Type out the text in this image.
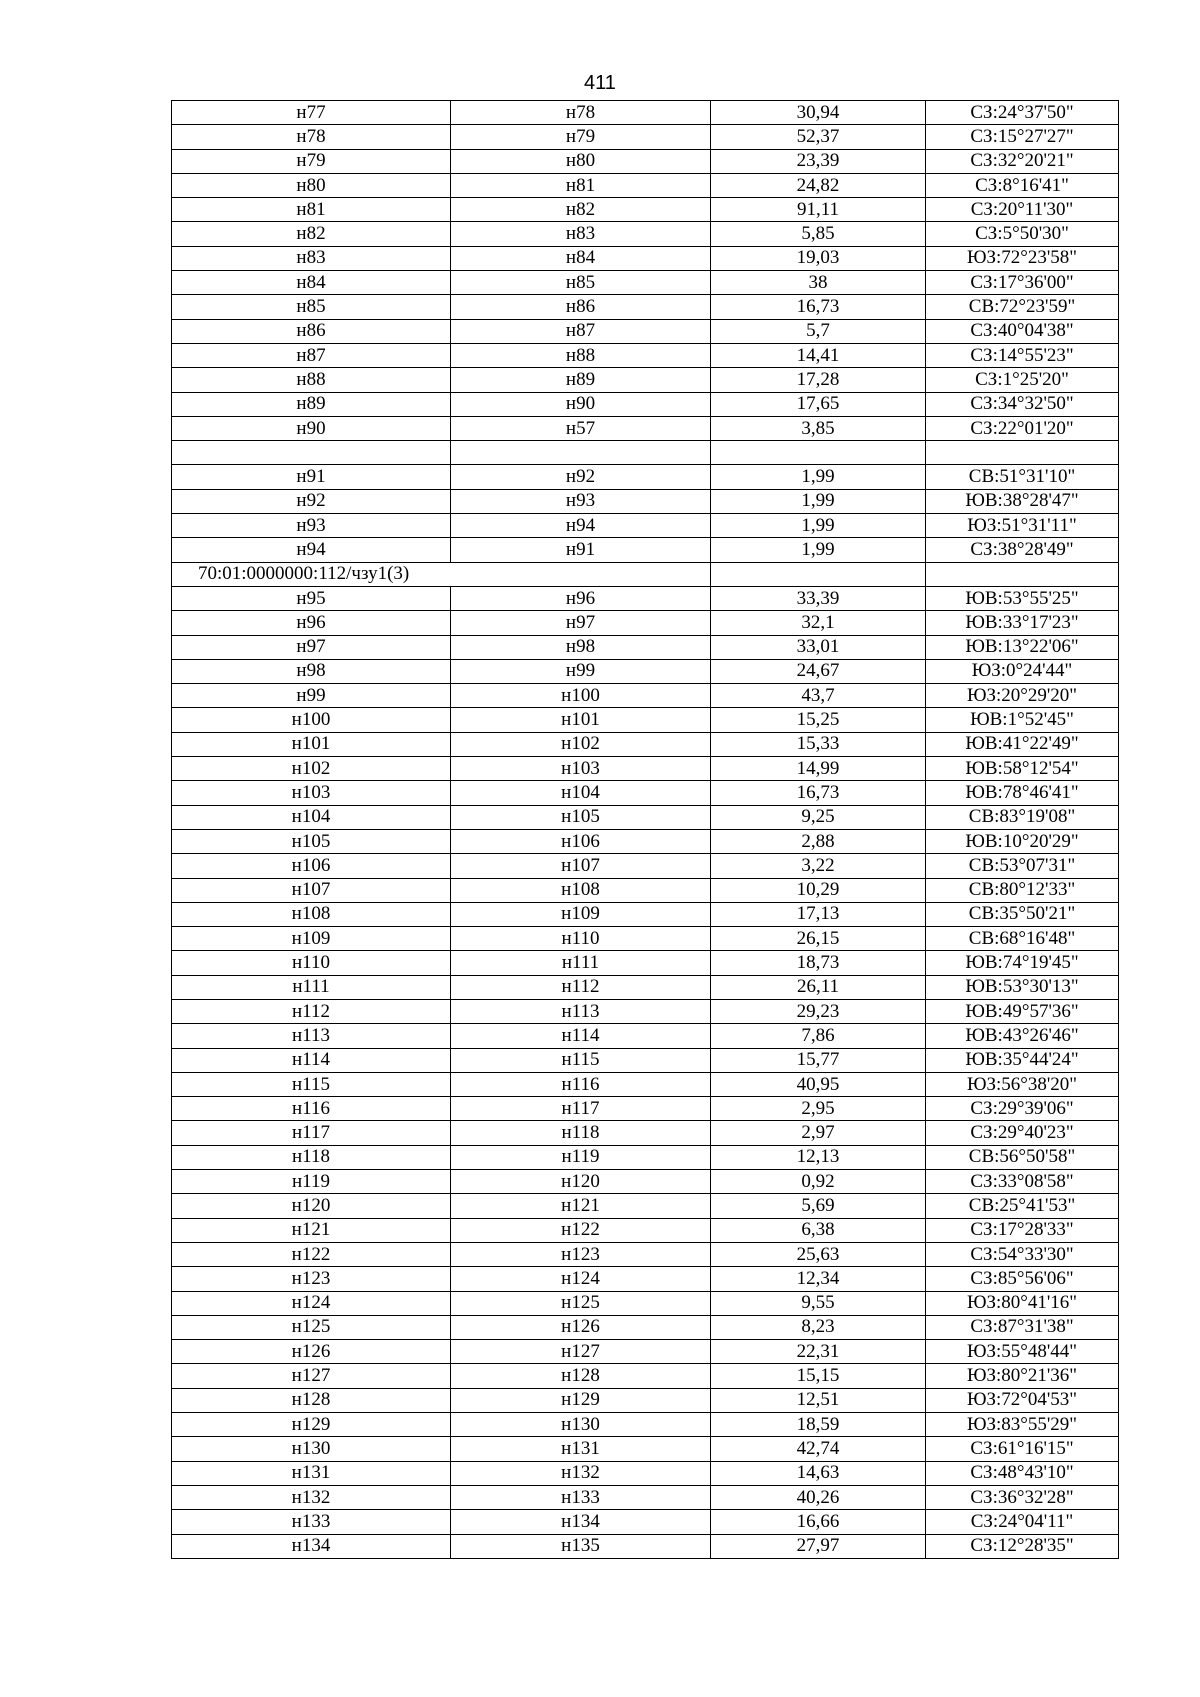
411
н77	н78	30,94	СЗ:24°37'50"
н78	н79	52,37	СЗ:15°27'27"
н79	н80	23,39	СЗ:32°20'21"
н80	н81	24,82	СЗ:8°16'41"
н81	н82	91,11	СЗ:20°11'30"
н82	н83	5,85	СЗ:5°50'30"
н83	н84	19,03	ЮЗ:72°23'58"
н84	н85	38	СЗ:17°36'00"
н85	н86	16,73	СВ:72°23'59"
н86	н87	5,7	СЗ:40°04'38"
н87	н88	14,41	СЗ:14°55'23"
н88	н89	17,28	СЗ:1°25'20"
н89	н90	17,65	СЗ:34°32'50"
н90	н57	3,85	СЗ:22°01'20"

н91	н92	1,99	СВ:51°31'10"
н92	н93	1,99	ЮВ:38°28'47"
н93	н94	1,99	ЮЗ:51°31'11"
н94	н91	1,99	СЗ:38°28'49"
70:01:0000000:112/чзу1(3)			
н95	н96	33,39	ЮВ:53°55'25"
н96	н97	32,1	ЮВ:33°17'23"
н97	н98	33,01	ЮВ:13°22'06"
н98	н99	24,67	ЮЗ:0°24'44"
н99	н100	43,7	ЮЗ:20°29'20"
н100	н101	15,25	ЮВ:1°52'45"
н101	н102	15,33	ЮВ:41°22'49"
н102	н103	14,99	ЮВ:58°12'54"
н103	н104	16,73	ЮВ:78°46'41"
н104	н105	9,25	СВ:83°19'08"
н105	н106	2,88	ЮВ:10°20'29"
н106	н107	3,22	СВ:53°07'31"
н107	н108	10,29	СВ:80°12'33"
н108	н109	17,13	СВ:35°50'21"
н109	н110	26,15	СВ:68°16'48"
н110	н111	18,73	ЮВ:74°19'45"
н111	н112	26,11	ЮВ:53°30'13"
н112	н113	29,23	ЮВ:49°57'36"
н113	н114	7,86	ЮВ:43°26'46"
н114	н115	15,77	ЮВ:35°44'24"
н115	н116	40,95	ЮЗ:56°38'20"
н116	н117	2,95	СЗ:29°39'06"
н117	н118	2,97	СЗ:29°40'23"
н118	н119	12,13	СВ:56°50'58"
н119	н120	0,92	СЗ:33°08'58"
н120	н121	5,69	СВ:25°41'53"
н121	н122	6,38	СЗ:17°28'33"
н122	н123	25,63	СЗ:54°33'30"
н123	н124	12,34	СЗ:85°56'06"
н124	н125	9,55	ЮЗ:80°41'16"
н125	н126	8,23	СЗ:87°31'38"
н126	н127	22,31	ЮЗ:55°48'44"
н127	н128	15,15	ЮЗ:80°21'36"
н128	н129	12,51	ЮЗ:72°04'53"
н129	н130	18,59	ЮЗ:83°55'29"
н130	н131	42,74	СЗ:61°16'15"
н131	н132	14,63	СЗ:48°43'10"
н132	н133	40,26	СЗ:36°32'28"
н133	н134	16,66	СЗ:24°04'11"
н134	н135	27,97	СЗ:12°28'35"
